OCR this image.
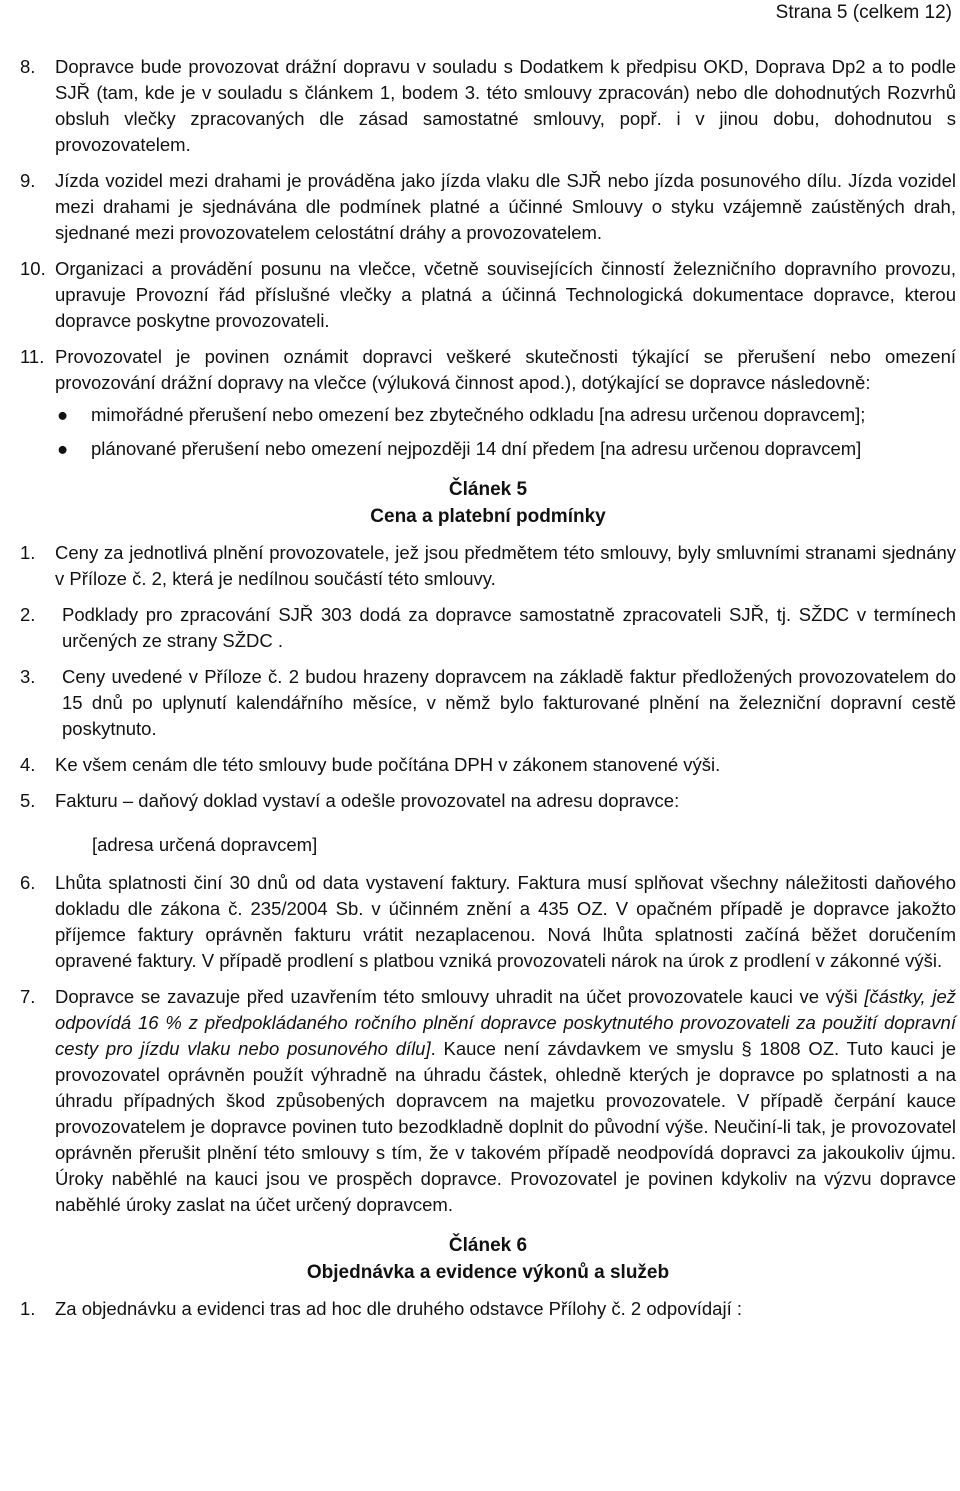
Strana 5 (celkem 12)
8. Dopravce bude provozovat drážní dopravu v souladu s Dodatkem k předpisu OKD, Doprava Dp2 a to podle SJŘ (tam, kde je v souladu s článkem 1, bodem 3. této smlouvy zpracován) nebo dle dohodnutých Rozvrhů obsluh vlečky zpracovaných dle zásad samostatné smlouvy, popř. i v jinou dobu, dohodnutou s provozovatelem.
9. Jízda vozidel mezi drahami je prováděna jako jízda vlaku dle SJŘ nebo jízda posunového dílu. Jízda vozidel mezi drahami je sjednávána dle podmínek platné a účinné Smlouvy o styku vzájemně zaústěných drah, sjednané mezi provozovatelem celostátní dráhy a provozovatelem.
10. Organizaci a provádění posunu na vlečce, včetně souvisejících činností železničního dopravního provozu, upravuje Provozní řád příslušné vlečky a platná a účinná Technologická dokumentace dopravce, kterou dopravce poskytne provozovateli.
11. Provozovatel je povinen oznámit dopravci veškeré skutečnosti týkající se přerušení nebo omezení provozování drážní dopravy na vlečce (výluková činnost apod.), dotýkající se dopravce následovně:
● mimořádné přerušení nebo omezení bez zbytečného odkladu [na adresu určenou dopravcem];
● plánované přerušení nebo omezení nejpozději 14 dní předem [na adresu určenou dopravcem]
Článek 5
Cena a platební podmínky
1. Ceny za jednotlivá plnění provozovatele, jež jsou předmětem této smlouvy, byly smluvními stranami sjednány v Příloze č. 2, která je nedílnou součástí této smlouvy.
2. Podklady pro zpracování SJŘ 303 dodá za dopravce samostatně zpracovateli SJŘ, tj. SŽDC v termínech určených ze strany SŽDC .
3. Ceny uvedené v Příloze č. 2 budou hrazeny dopravcem na základě faktur předložených provozovatelem do 15 dnů po uplynutí kalendářního měsíce, v němž bylo fakturované plnění na železniční dopravní cestě poskytnuto.
4. Ke všem cenám dle této smlouvy bude počítána DPH v zákonem stanovené výši.
5. Fakturu – daňový doklad vystaví a odešle provozovatel na adresu dopravce:
[adresa určená dopravcem]
6. Lhůta splatnosti činí 30 dnů od data vystavení faktury. Faktura musí splňovat všechny náležitosti daňového dokladu dle zákona č. 235/2004 Sb. v účinném znění a 435 OZ. V opačném případě je dopravce jakožto příjemce faktury oprávněn fakturu vrátit nezaplacenou. Nová lhůta splatnosti začíná běžet doručením opravené faktury. V případě prodlení s platbou vzniká provozovateli nárok na úrok z prodlení v zákonné výši.
7. Dopravce se zavazuje před uzavřením této smlouvy uhradit na účet provozovatele kauci ve výši [částky, jež odpovídá 16 % z předpokládaného ročního plnění dopravce poskytnutého provozovateli za použití dopravní cesty pro jízdu vlaku nebo posunového dílu]. Kauce není závdavkem ve smyslu § 1808 OZ. Tuto kauci je provozovatel oprávněn použít výhradně na úhradu částek, ohledně kterých je dopravce po splatnosti a na úhradu případných škod způsobených dopravcem na majetku provozovatele. V případě čerpání kauce provozovatelem je dopravce povinen tuto bezodkladně doplnit do původní výše. Neučiní-li tak, je provozovatel oprávněn přerušit plnění této smlouvy s tím, že v takovém případě neodpovídá dopravci za jakoukoliv újmu. Úroky naběhlé na kauci jsou ve prospěch dopravce. Provozovatel je povinen kdykoliv na výzvu dopravce naběhlé úroky zaslat na účet určený dopravcem.
Článek 6
Objednávka a evidence výkonů a služeb
1. Za objednávku a evidenci tras ad hoc dle druhého odstavce Přílohy č. 2 odpovídají :
